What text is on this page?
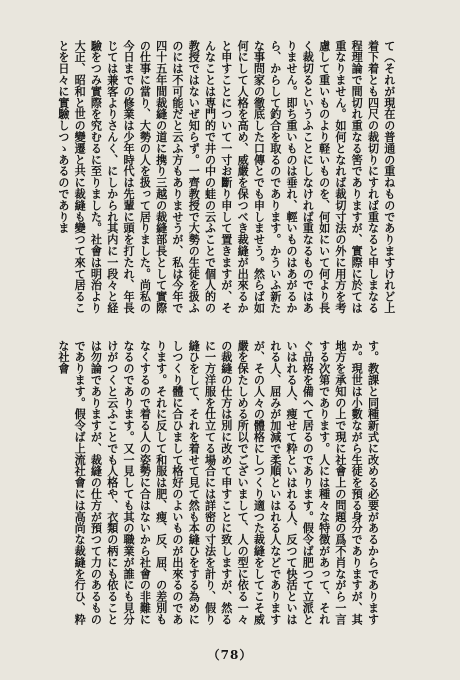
て（それが現在の普通の重ねものでありますけれど上着下着とも四尺の裁切りにすれば重なると申しまなる程理論で間切れ重なる筈でありますが、實際に於ては重なりません。如何となれば裁切寸法の外に用方を考慮して重いものより軽いものを、何如にいて何より長く裁切るというふことにしなければ重なるものではありません。即ち重いものは垂れ、輕いものはあがるから、からして釣合を取るのであります。かういふ新たな事問家の徹底した口傳とでも申しませう。然らば如何にして人格を高め、威嚴を保つべき裁縫が出來るかと申すことについて一寸お斷り申して置きますが、そんなことは専門的で井の中の蛙の云ふことで個人的の教授ではないぜ知らず。一齊教授で大勢の生徒を扱ふのには不可能だと云ふ方もありませうが、私は今年で四十五年間裁縫の道に携り三越の裁縫部長として實際の仕事に當り、大勢の人を扱って居りました。尚私の今日までの修業は少年時代は先輩に頭を打たれ、年長じては兼客よりさんく、にしかられ其内に一段々と経驗をつみ實際を究むるに至りました。社會は明治より大正、昭和と世の變遷と共に裁縫も變つて來て居ることを日々に實驗しつゝあるのでありま

す。教課と同種新式に改める必要があるからでありますか。現世は小數ながら生徒を預る身分でありますが、其地方を承知の上で現に社會上の問題の爲不肖ながら一言する次第であります。人には種々な特徴があって、それぐ品格を備へて居るのであります。假令ば肥つて立派といはれる人、痩せて粋といはれる人、反つて快活といはれる人、屈みが加減で柔順といはれる人などでありますが、その人々の體格にしつくり適つた裁縫をしてこそ威嚴を保たしめる所以でございまして、人の型に依る一々の裁縫の仕方は別に改めて申すことに致しますが、然るに一方洋服を仕立てる場合には詳密の寸法を計り、假り縫ひをして、それを着せて見て然も本縫ひをする為めにしつくり體に合ひまして格好のよいものが出來るのであります。それに反して和服は肥、痩、反、屈、の差別もなくするので着る人の姿勢に合はないから社會の非難になるのであります。又一見しても其の職業が誰にも見分けがつくと云ふことでも人格や、衣類の柄にも依ることは勿論でありますが、裁縫の仕方が預つて力のあるものであります。假令ば上流社會には高尚な裁縫を行ひ、粋な社會

（78）
